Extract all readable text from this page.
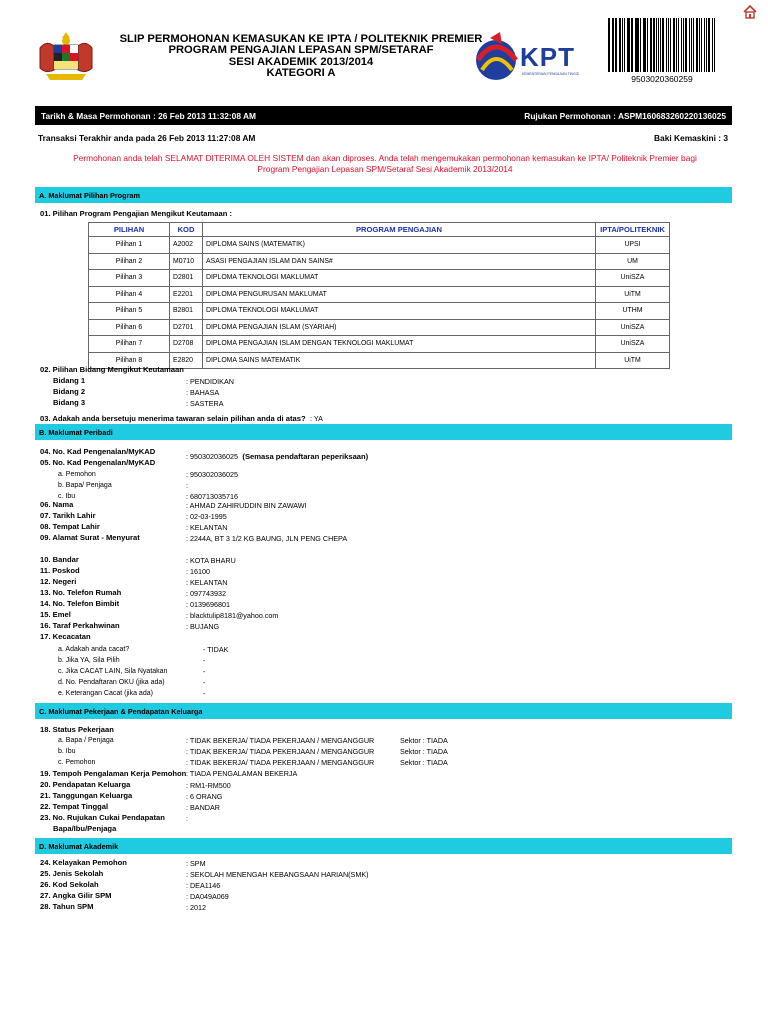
SLIP PERMOHONAN KEMASUKAN KE IPTA / POLITEKNIK PREMIER
PROGRAM PENGAJIAN LEPASAN SPM/SETARAF
SESI AKADEMIK 2013/2014
KATEGORI A
KPT
KEMENTERIAN PENGAJIAN TINGGI	9503020360259
Tarikh & Masa Permohonan : 26 Feb 2013 11:32:08 AM	Rujukan Permohonan : ASPM160683260220136025
Transaksi Terakhir anda pada 26 Feb 2013 11:27:08 AM	Baki Kemaskini : 3
Permohonan anda telah SELAMAT DITERIMA OLEH SISTEM dan akan diproses. Anda telah mengemukakan permohonan kemasukan ke IPTA/ Politeknik Premier bagi Program Pengajian Lepasan SPM/Setaraf Sesi Akademik 2013/2014
A. Maklumat Pilihan Program
01. Pilihan Program Pengajian Mengikut Keutamaan :
PILIHAN	KOD	PROGRAM PENGAJIAN	IPTA/POLITEKNIK
Pilihan 1	A2002	DIPLOMA SAINS (MATEMATIK)	UPSI
Pilihan 2	M0710	ASASI PENGAJIAN ISLAM DAN SAINS#	UM
Pilihan 3	D2801	DIPLOMA TEKNOLOGI MAKLUMAT	UniSZA
Pilihan 4	E2201	DIPLOMA PENGURUSAN MAKLUMAT	UiTM
Pilihan 5	B2801	DIPLOMA TEKNOLOGI MAKLUMAT	UTHM
Pilihan 6	D2701	DIPLOMA PENGAJIAN ISLAM (SYARIAH)	UniSZA
Pilihan 7	D2708	DIPLOMA PENGAJIAN ISLAM DENGAN TEKNOLOGI MAKLUMAT	UniSZA
Pilihan 8	E2820	DIPLOMA SAINS MATEMATIK	UiTM
02. Pilihan Bidang Mengikut Keutamaan
Bidang 1	: PENDIDIKAN
Bidang 2	: BAHASA
Bidang 3	: SASTERA
03. Adakah anda bersetuju menerima tawaran selain pilihan anda di atas? : YA
B. Maklumat Peribadi
04. No. Kad Pengenalan/MyKAD
: 950302036025 (Semasa pendaftaran peperiksaan)
05. No. Kad Pengenalan/MyKAD
a. Pemohon	: 950302036025
b. Bapa/ Penjaga	:
c. Ibu	: 680713035716
06. Nama	: AHMAD ZAHIRUDDIN BIN ZAWAWI
07. Tarikh Lahir	: 02-03-1995
08. Tempat Lahir	: KELANTAN
09. Alamat Surat - Menyurat	: 2244A, BT 3 1/2 KG BAUNG, JLN PENG CHEPA
10. Bandar	: KOTA BHARU
11. Poskod	: 16100
12. Negeri	: KELANTAN
13. No. Telefon Rumah	: 097743932
14. No. Telefon Bimbit	: 0139696801
15. Emel	: blacktulip8181@yahoo.com
16. Taraf Perkahwinan	: BUJANG
17. Kecacatan
a. Adakah anda cacat?	- TIDAK
b. Jika YA, Sila Pilih	-
c. Jika CACAT LAIN, Sila Nyatakan	-
d. No. Pendaftaran OKU (jika ada)	-
e. Keterangan Cacat (jika ada)	-
C. Maklumat Pekerjaan & Pendapatan Keluarga
18. Status Pekerjaan
a. Bapa / Penjaga	: TIDAK BEKERJA/ TIADA PEKERJAAN / MENGANGGUR	Sektor : TIADA
b. Ibu	: TIDAK BEKERJA/ TIADA PEKERJAAN / MENGANGGUR	Sektor : TIADA
c. Pemohon	: TIDAK BEKERJA/ TIADA PEKERJAAN / MENGANGGUR	Sektor : TIADA
19. Tempoh Pengalaman Kerja Pemohon : TIADA PENGALAMAN BEKERJA
20. Pendapatan Keluarga	: RM1-RM500
21. Tanggungan Keluarga	: 6 ORANG
22. Tempat Tinggal	: BANDAR
23. No. Rujukan Cukai Pendapatan	:
Bapa/Ibu/Penjaga
D. Maklumat Akademik
24. Kelayakan Pemohon	: SPM
25. Jenis Sekolah	: SEKOLAH MENENGAH KEBANGSAAN HARIAN(SMK)
26. Kod Sekolah	: DEA1146
27. Angka Gilir SPM	: DA049A069
28. Tahun SPM	: 2012
